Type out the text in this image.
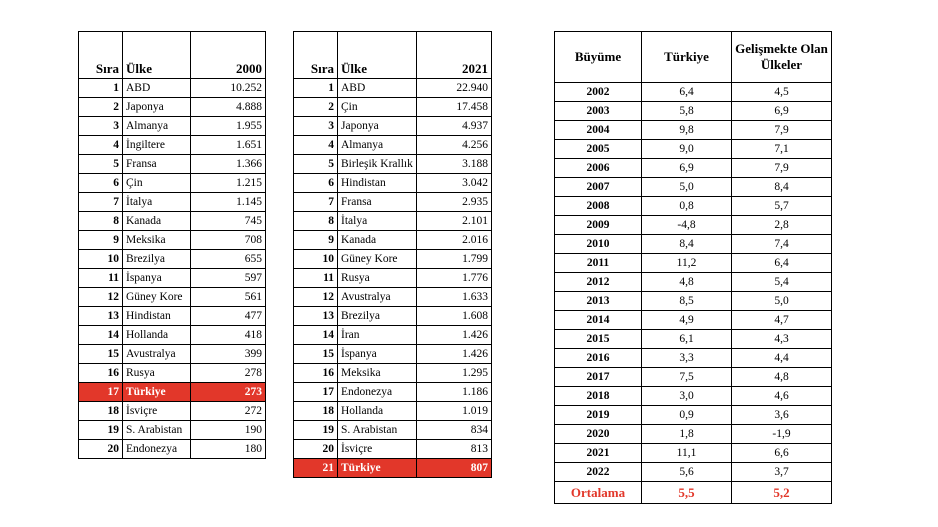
Sıra	Ülke	2000
1	ABD	10.252
2	Japonya	4.888
3	Almanya	1.955
4	İngiltere	1.651
5	Fransa	1.366
6	Çin	1.215
7	İtalya	1.145
8	Kanada	745
9	Meksika	708
10	Brezilya	655
11	İspanya	597
12	Güney Kore	561
13	Hindistan	477
14	Hollanda	418
15	Avustralya	399
16	Rusya	278
17	Türkiye	273
18	İsviçre	272
19	S. Arabistan	190
20	Endonezya	180
Sıra	Ülke	2021
1	ABD	22.940
2	Çin	17.458
3	Japonya	4.937
4	Almanya	4.256
5	Birleşik Krallık	3.188
6	Hindistan	3.042
7	Fransa	2.935
8	İtalya	2.101
9	Kanada	2.016
10	Güney Kore	1.799
11	Rusya	1.776
12	Avustralya	1.633
13	Brezilya	1.608
14	İran	1.426
15	İspanya	1.426
16	Meksika	1.295
17	Endonezya	1.186
18	Hollanda	1.019
19	S. Arabistan	834
20	İsviçre	813
21	Türkiye	807
Büyüme	Türkiye	Gelişmekte Olan Ülkeler
2002	6,4	4,5
2003	5,8	6,9
2004	9,8	7,9
2005	9,0	7,1
2006	6,9	7,9
2007	5,0	8,4
2008	0,8	5,7
2009	-4,8	2,8
2010	8,4	7,4
2011	11,2	6,4
2012	4,8	5,4
2013	8,5	5,0
2014	4,9	4,7
2015	6,1	4,3
2016	3,3	4,4
2017	7,5	4,8
2018	3,0	4,6
2019	0,9	3,6
2020	1,8	-1,9
2021	11,1	6,6
2022	5,6	3,7
Ortalama	5,5	5,2
